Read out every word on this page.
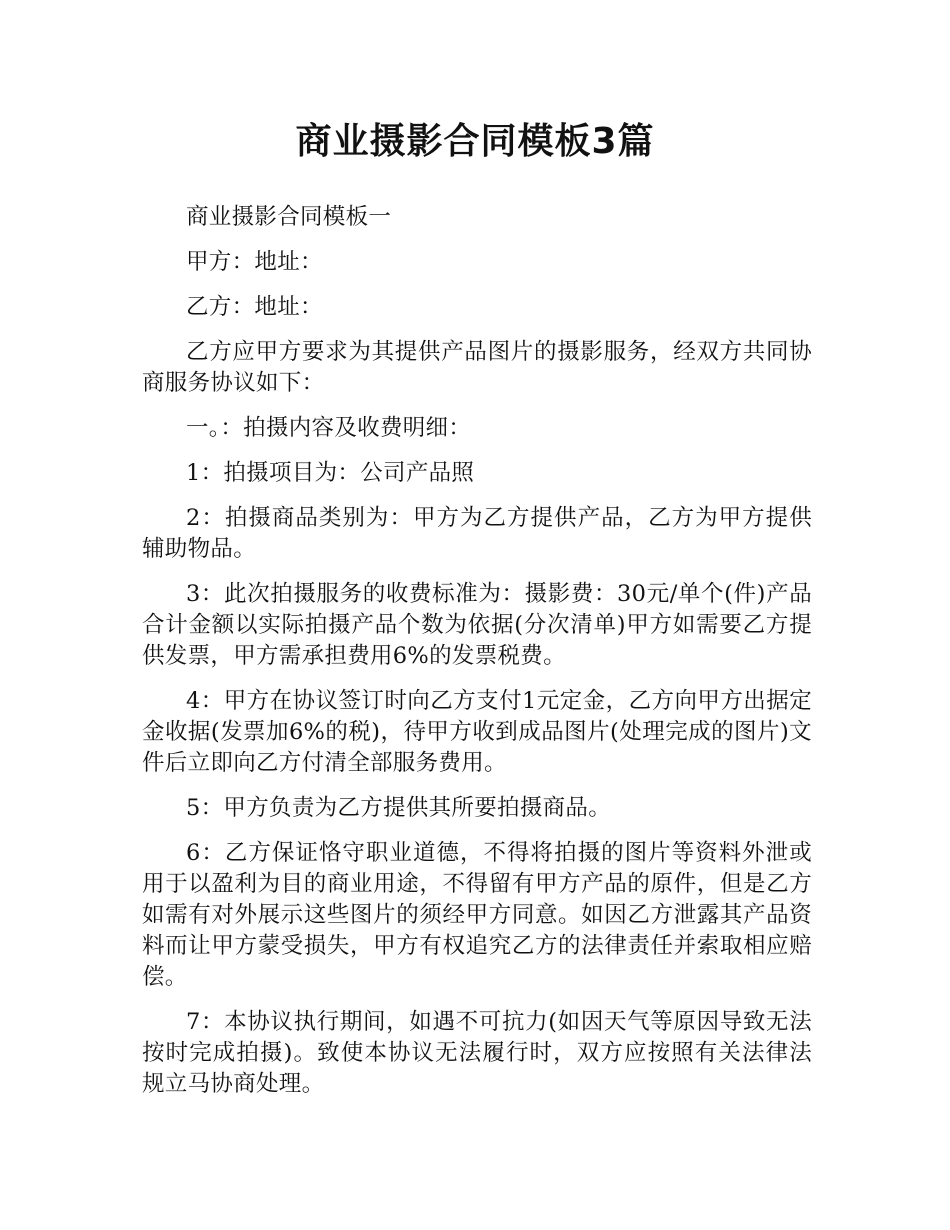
商业摄影合同模板3篇

商业摄影合同模板一

甲方：地址：

乙方：地址：

乙方应甲方要求为其提供产品图片的摄影服务，经双方共同协商服务协议如下：

一。：拍摄内容及收费明细：

1：拍摄项目为：公司产品照

2：拍摄商品类别为：甲方为乙方提供产品，乙方为甲方提供辅助物品。

3：此次拍摄服务的收费标准为：摄影费：30元/单个(件)产品合计金额以实际拍摄产品个数为依据(分次清单)甲方如需要乙方提供发票，甲方需承担费用6%的发票税费。

4：甲方在协议签订时向乙方支付1元定金，乙方向甲方出据定金收据(发票加6%的税)，待甲方收到成品图片(处理完成的图片)文件后立即向乙方付清全部服务费用。

5：甲方负责为乙方提供其所要拍摄商品。

6：乙方保证恪守职业道德，不得将拍摄的图片等资料外泄或用于以盈利为目的商业用途，不得留有甲方产品的原件，但是乙方如需有对外展示这些图片的须经甲方同意。如因乙方泄露其产品资料而让甲方蒙受损失，甲方有权追究乙方的法律责任并索取相应赔偿。

7：本协议执行期间，如遇不可抗力(如因天气等原因导致无法按时完成拍摄)。致使本协议无法履行时，双方应按照有关法律法规立马协商处理。
